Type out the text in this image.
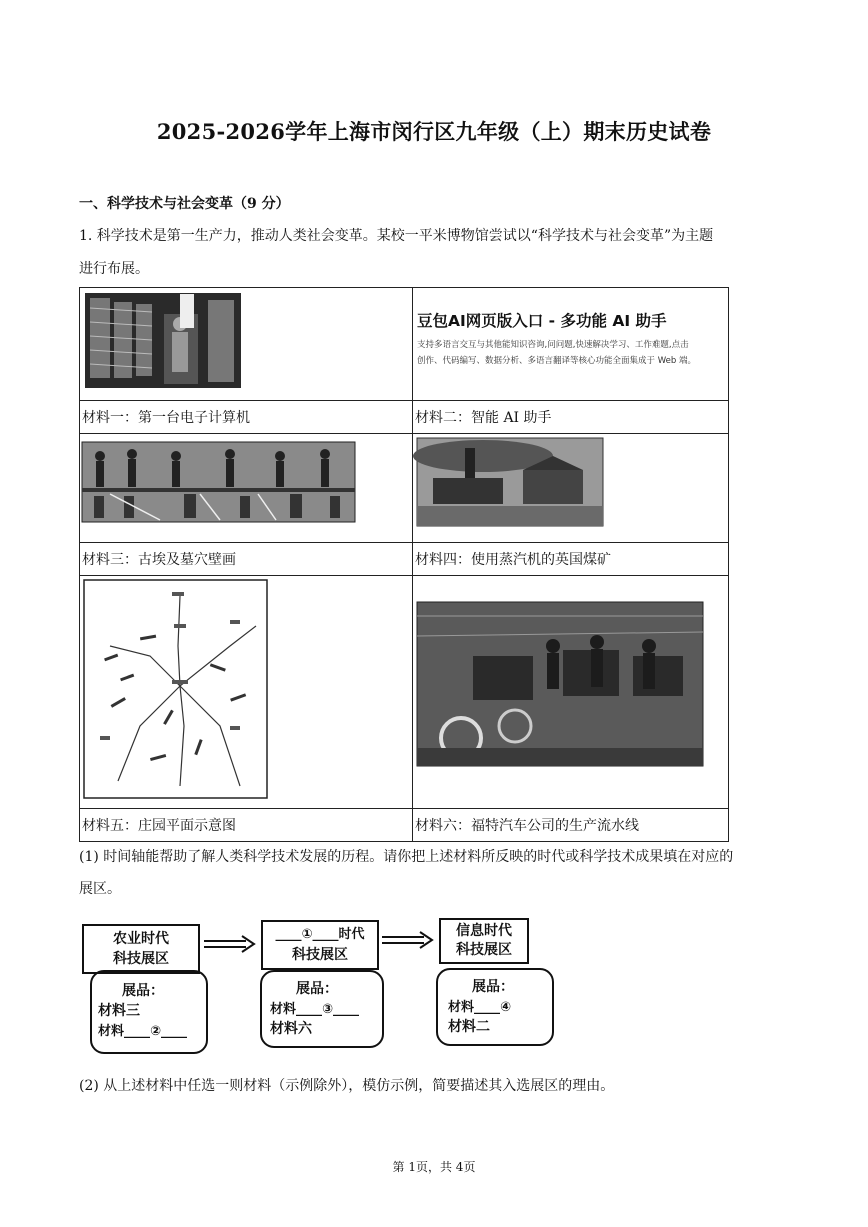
2025-2026学年上海市闵行区九年级（上）期末历史试卷
一、科学技术与社会变革（9 分）
1. 科学技术是第一生产力，推动人类社会变革。某校一平米博物馆尝试以“科学技术与社会变革”为主题
进行布展。

豆包AI网页版入口 - 多功能 AI 助手
支持多语言交互与其他能知识咨询,问问题,快速解决学习、工作难题,点击
创作、代码编写、数据分析、多语言翻译等核心功能全面集成于 Web 端。

材料一：第一台电子计算机	材料二：智能 AI 助手

材料三：古埃及墓穴壁画	材料四：使用蒸汽机的英国煤矿

材料五：庄园平面示意图	材料六：福特汽车公司的生产流水线
(1) 时间轴能帮助了解人类科学技术发展的历程。请你把上述材料所反映的时代或科学技术成果填在对应的
展区。
农业时代
科技展区
____①____时代
科技展区
信息时代
科技展区
展品：
材料三
材料____②____
展品：
材料____③____
材料六
展品：
材料____④
材料二
(2) 从上述材料中任选一则材料（示例除外），模仿示例，简要描述其入选展区的理由。
第 1页，共 4页
